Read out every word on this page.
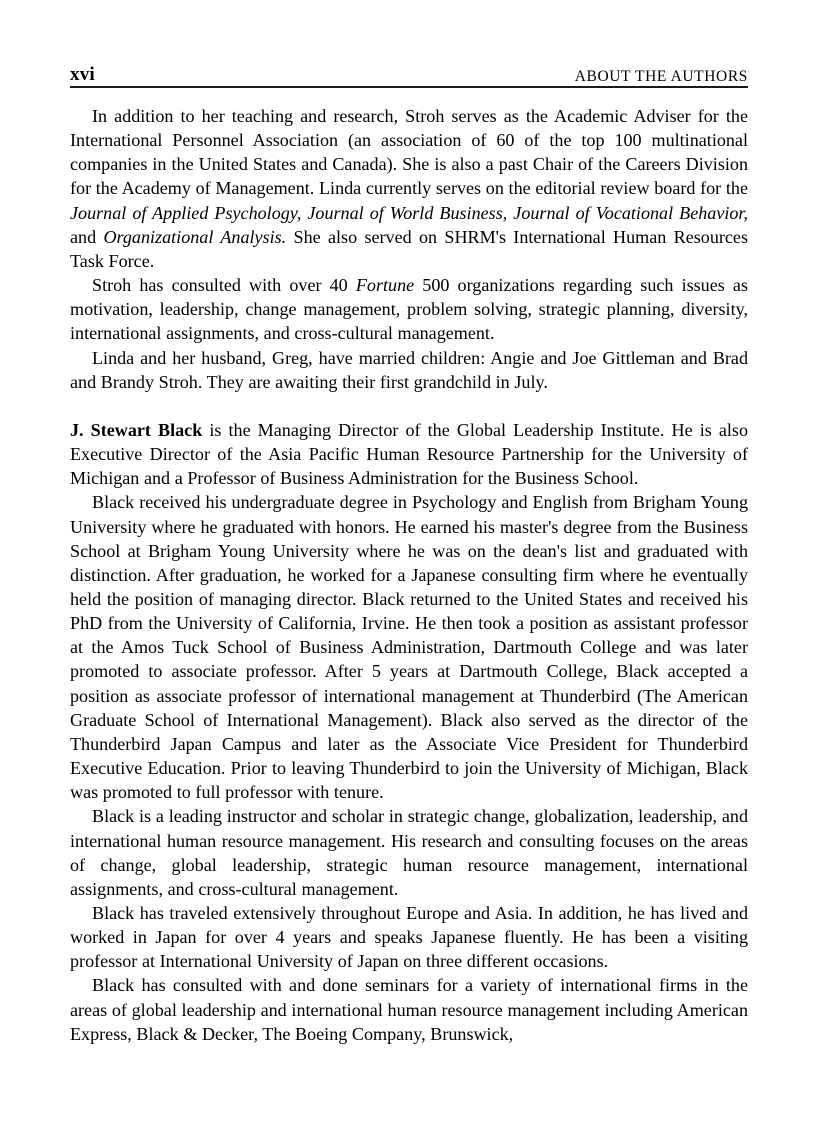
xvi	ABOUT THE AUTHORS

In addition to her teaching and research, Stroh serves as the Academic Adviser for the International Personnel Association (an association of 60 of the top 100 multinational companies in the United States and Canada). She is also a past Chair of the Careers Division for the Academy of Management. Linda currently serves on the editorial review board for the Journal of Applied Psychology, Journal of World Business, Journal of Vocational Behavior, and Organizational Analysis. She also served on SHRM's International Human Resources Task Force.

Stroh has consulted with over 40 Fortune 500 organizations regarding such issues as motivation, leadership, change management, problem solving, strategic planning, diversity, international assignments, and cross-cultural management.

Linda and her husband, Greg, have married children: Angie and Joe Gittleman and Brad and Brandy Stroh. They are awaiting their first grandchild in July.

J. Stewart Black is the Managing Director of the Global Leadership Institute. He is also Executive Director of the Asia Pacific Human Resource Partnership for the University of Michigan and a Professor of Business Administration for the Business School.

Black received his undergraduate degree in Psychology and English from Brigham Young University where he graduated with honors. He earned his master's degree from the Business School at Brigham Young University where he was on the dean's list and graduated with distinction. After graduation, he worked for a Japanese consulting firm where he eventually held the position of managing director. Black returned to the United States and received his PhD from the University of California, Irvine. He then took a position as assistant professor at the Amos Tuck School of Business Administration, Dartmouth College and was later promoted to associate professor. After 5 years at Dartmouth College, Black accepted a position as associate professor of international management at Thunderbird (The American Graduate School of International Management). Black also served as the director of the Thunderbird Japan Campus and later as the Associate Vice President for Thunderbird Executive Education. Prior to leaving Thunderbird to join the University of Michigan, Black was promoted to full professor with tenure.

Black is a leading instructor and scholar in strategic change, globalization, leadership, and international human resource management. His research and consulting focuses on the areas of change, global leadership, strategic human resource management, international assignments, and cross-cultural management.

Black has traveled extensively throughout Europe and Asia. In addition, he has lived and worked in Japan for over 4 years and speaks Japanese fluently. He has been a visiting professor at International University of Japan on three different occasions.

Black has consulted with and done seminars for a variety of international firms in the areas of global leadership and international human resource management including American Express, Black & Decker, The Boeing Company, Brunswick,
